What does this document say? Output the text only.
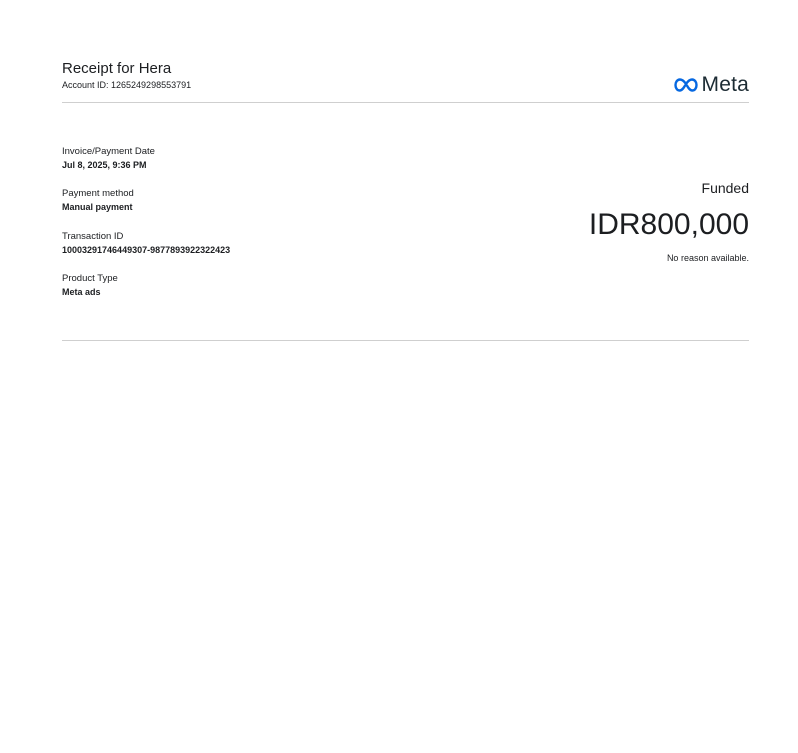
Receipt for Hera
Account ID: 1265249298553791	Meta
Invoice/Payment Date
Jul 8, 2025, 9:36 PM
Payment method
Manual payment
Transaction ID
10003291746449307-9877893922322423
Product Type
Meta ads
Funded
IDR800,000
No reason available.
